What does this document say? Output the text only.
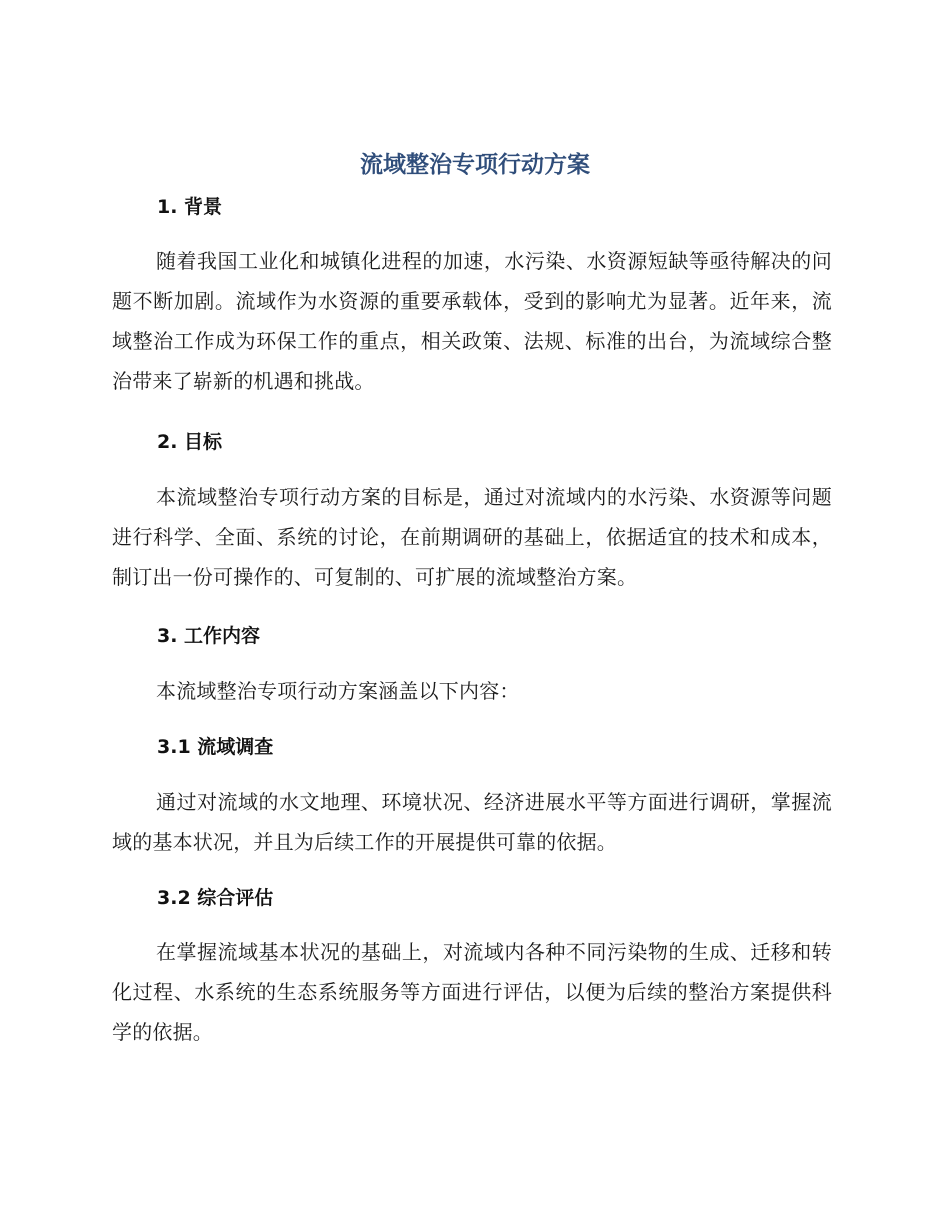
流域整治专项行动方案
1. 背景

随着我国工业化和城镇化进程的加速，水污染、水资源短缺等亟待解决的问题不断加剧。流域作为水资源的重要承载体，受到的影响尤为显著。近年来，流域整治工作成为环保工作的重点，相关政策、法规、标准的出台，为流域综合整治带来了崭新的机遇和挑战。

2. 目标

本流域整治专项行动方案的目标是，通过对流域内的水污染、水资源等问题进行科学、全面、系统的讨论，在前期调研的基础上，依据适宜的技术和成本，制订出一份可操作的、可复制的、可扩展的流域整治方案。

3. 工作内容

本流域整治专项行动方案涵盖以下内容：

3.1 流域调查

通过对流域的水文地理、环境状况、经济进展水平等方面进行调研，掌握流域的基本状况，并且为后续工作的开展提供可靠的依据。

3.2 综合评估

在掌握流域基本状况的基础上，对流域内各种不同污染物的生成、迁移和转化过程、水系统的生态系统服务等方面进行评估，以便为后续的整治方案提供科学的依据。
